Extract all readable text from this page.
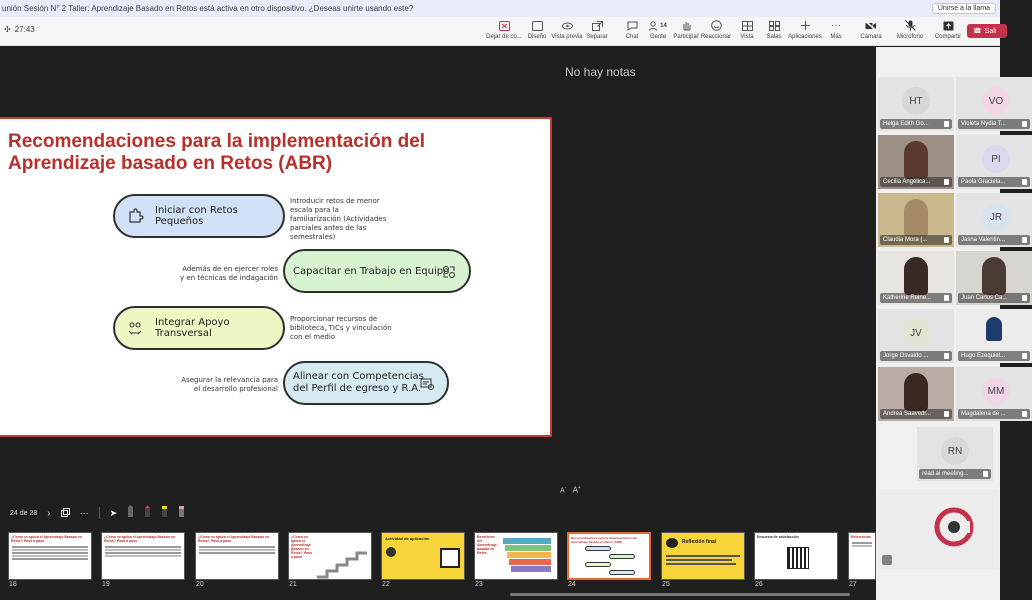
unión Sesión N° 2 Taller: Aprendizaje Basado en Retos está activa en otro dispositivo. ¿Deseas unirte usando este?	Unirse a la llama
✣ 27:43
Dejar de co... Diseño Vista previa Separar	Chat
14
Gente Participar Reaccionar Vista Salas Aplicaciones
···
Más	Cámara	Micrófono Compartir
☎ Sali
No hay notas
Recomendaciones para la implementación del
Aprendizaje basado en Retos (ABR)
Iniciar con Retos Pequeños
Introducir retos de menor
escala para la
familiarización (Actividades
parciales antes de las
semestrales)
Capacitar en Trabajo en Equipo
Además de en ejercer roles
y en técnicas de indagación
Integrar Apoyo Transversal
Proporcionar recursos de
biblioteca, TICs y vinculación
con el medio
Alinear con Competencias
del Perfil de egreso y R.A.
Asegurar la relevancia para
el desarrollo profesional
A- A+
24 de 28 ›	··· ➤
¿Cómo se aplica el Aprendizaje Basado en Retos? Paso a paso
18
¿Cómo se aplica el Aprendizaje Basado en Retos? Paso a paso
19
¿Cómo se aplica el Aprendizaje Basado en Retos? Paso a paso
20
¿Cómo se aplica el Aprendizaje Basado en Retos? Paso a paso
21
Actividad de aplicación
22
Beneficios del Aprendizaje basado en Retos
23
Recomendaciones para la implementación del Aprendizaje basado en Retos (ABR)
24
Reflexión final
25
Encuesta de satisfacción
26
Referencias
27
HT
Helga Edith Go...
VO
Violeta Nydia T...
Cecilia Angélica...
PI
Paola Graciela...
Claudia Mora (...
JR
Jasna Valentin...
Katherine Reine...	Juan Carlos Ca...
JV
Jorge Osvaldo ...	Hugo Ezequiel...
Andrea Saavedr...
MM
Magdalena de ...
RN
read.ai meeting...
